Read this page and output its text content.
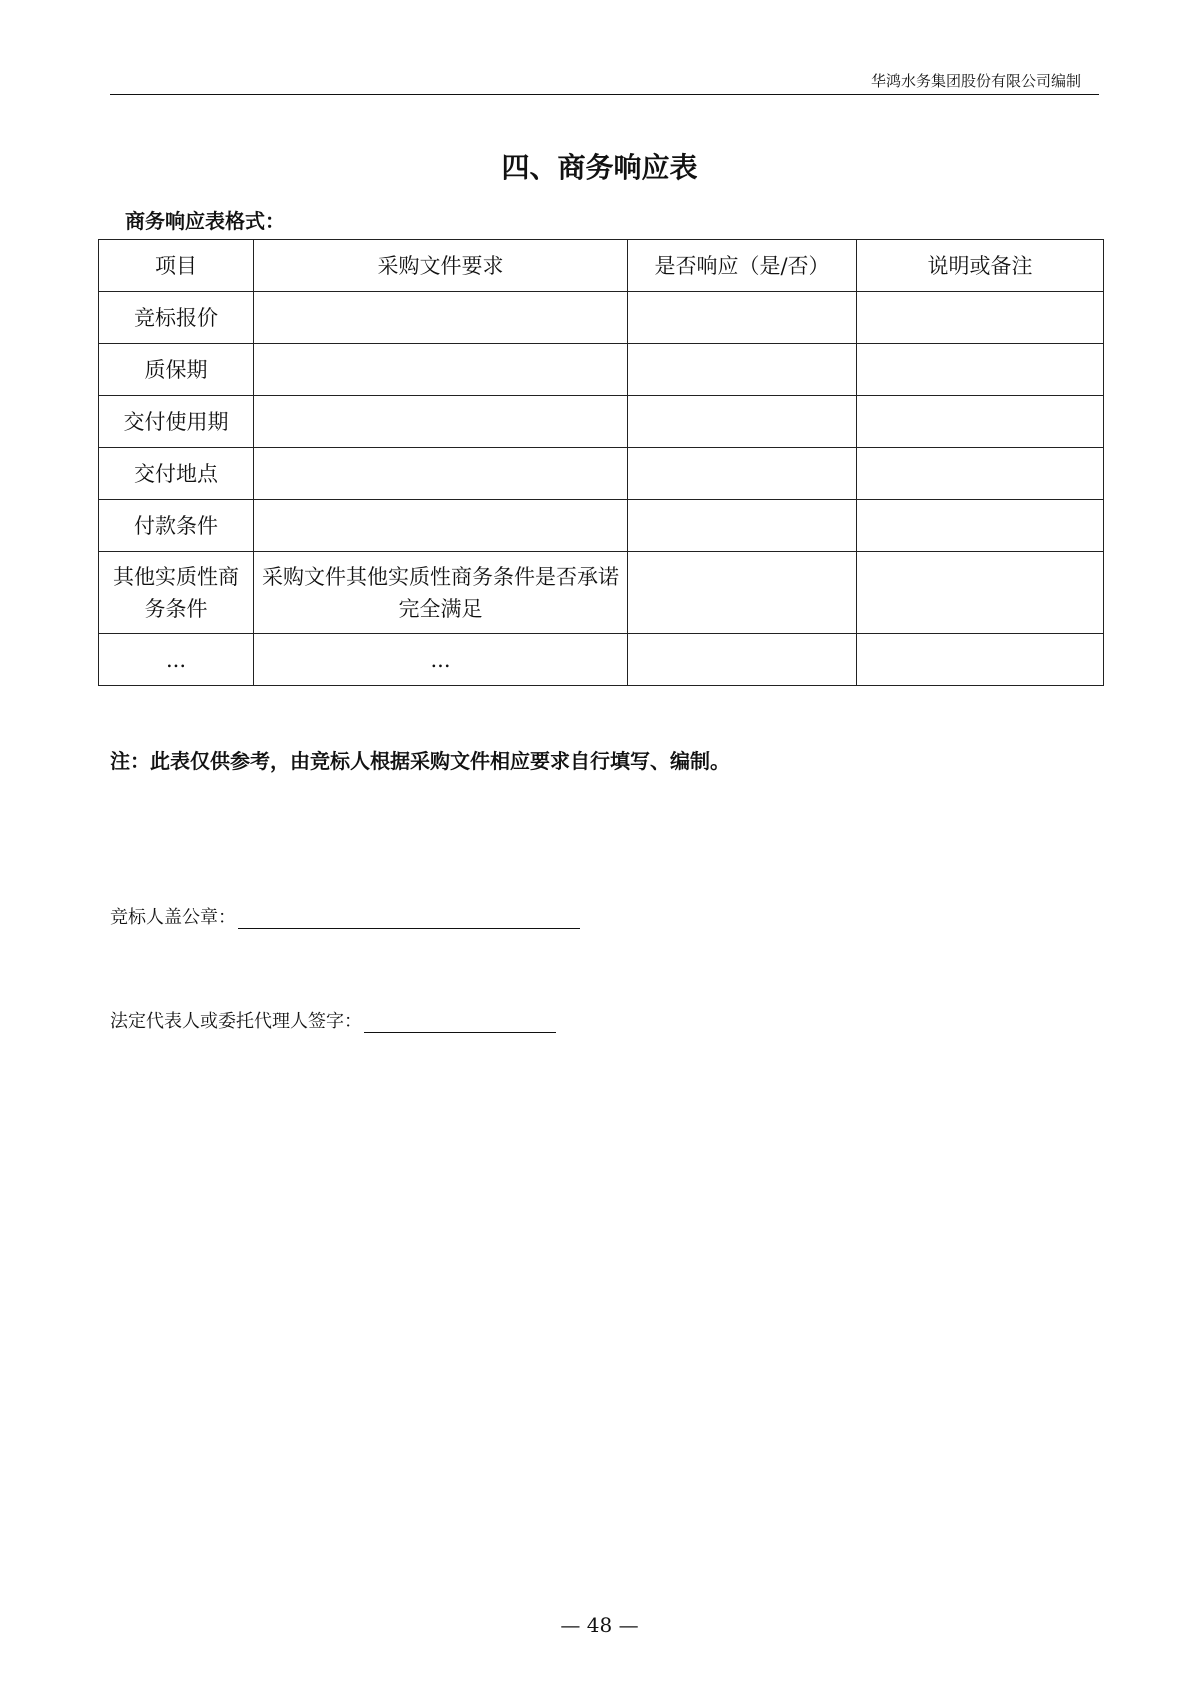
华鸿水务集团股份有限公司编制
四、商务响应表
商务响应表格式：
项目	采购文件要求	是否响应（是/否）	说明或备注
竞标报价			
质保期			
交付使用期			
交付地点			
付款条件			
其他实质性商务条件	采购文件其他实质性商务条件是否承诺完全满足		
...	...		
注：此表仅供参考，由竞标人根据采购文件相应要求自行填写、编制。
竞标人盖公章：
法定代表人或委托代理人签字：
— 48 —
